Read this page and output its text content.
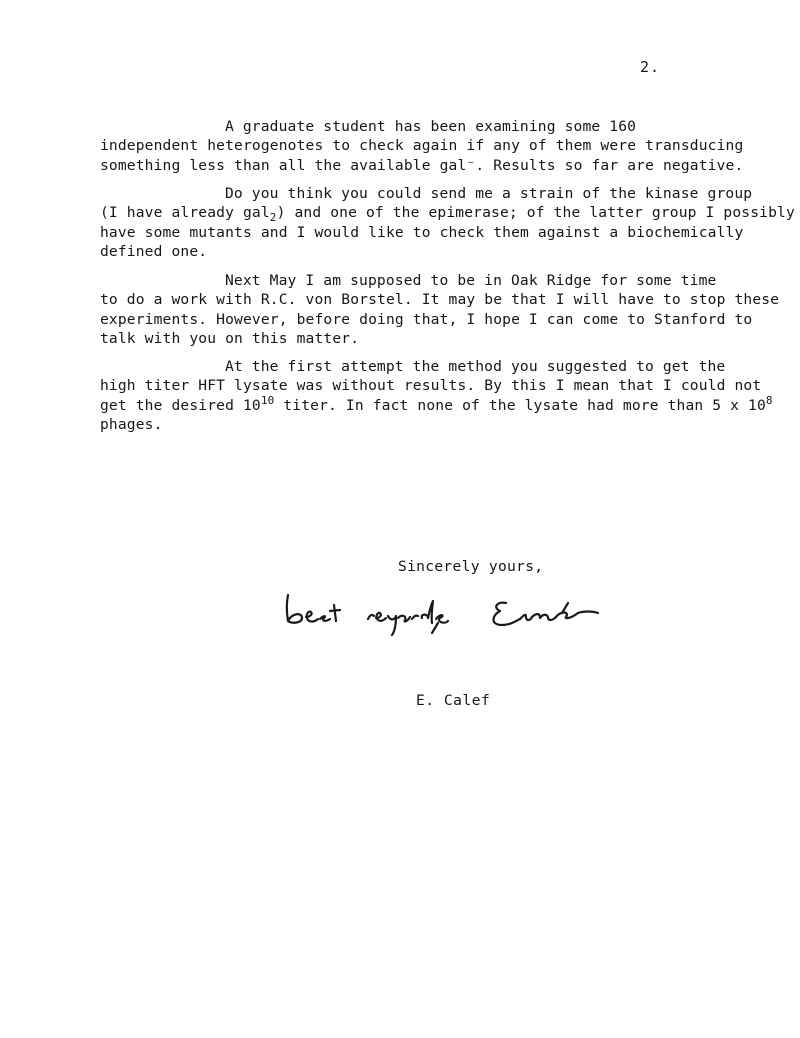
2.
A graduate student has been examining some 160
independent heterogenotes to check again if any of them were transducing
something less than all the available gal⁻. Results so far are negative.
Do you think you could send me a strain of the kinase group
(I have already gal$_2$) and one of the epimerase; of the latter group I possibly
have some mutants and I would like to check them against a biochemically
defined one.
Next May I am supposed to be in Oak Ridge for some time
to do a work with R.C. von Borstel. It may be that I will have to stop these
experiments. However, before doing that, I hope I can come to Stanford to
talk with you on this matter.
At the first attempt the method you suggested to get the
high titer HFT lysate was without results. By this I mean that I could not
get the desired $10^{10}$ titer. In fact none of the lysate had more than 5 x $10^8$
phages.
Sincerely yours,
E. Calef
